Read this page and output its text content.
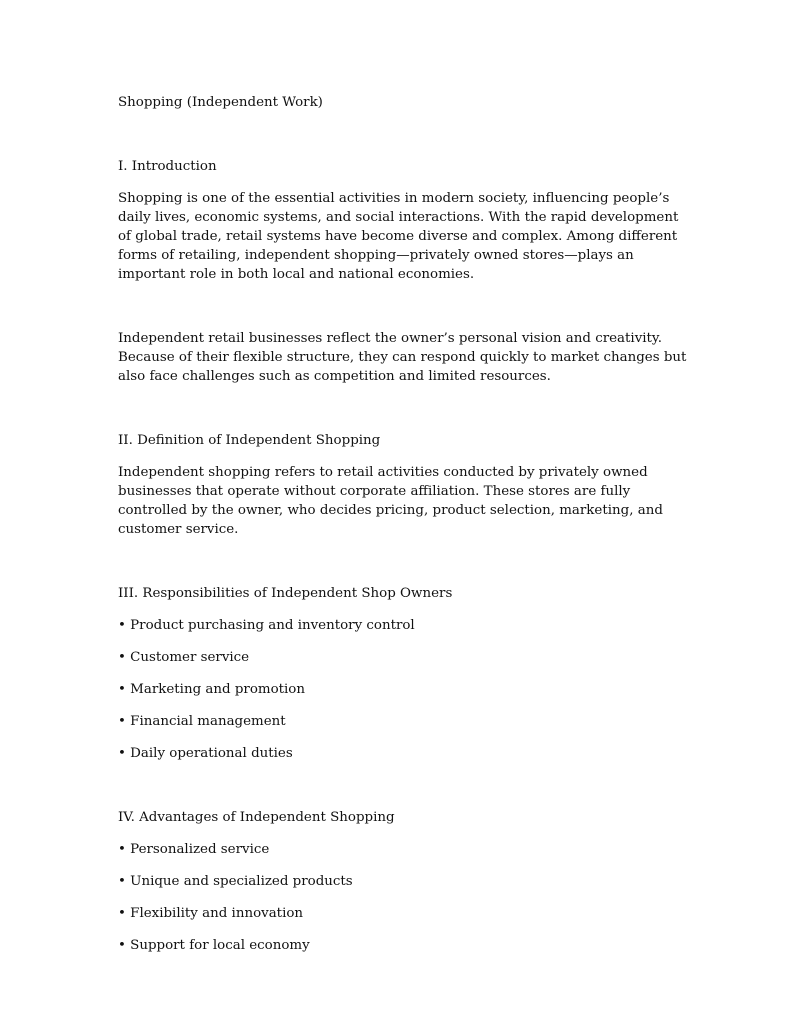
Shopping (Independent Work)

I. Introduction

Shopping is one of the essential activities in modern society, influencing people’s daily lives, economic systems, and social interactions. With the rapid development of global trade, retail systems have become diverse and complex. Among different forms of retailing, independent shopping—privately owned stores—plays an important role in both local and national economies.

Independent retail businesses reflect the owner’s personal vision and creativity. Because of their flexible structure, they can respond quickly to market changes but also face challenges such as competition and limited resources.

II. Definition of Independent Shopping

Independent shopping refers to retail activities conducted by privately owned businesses that operate without corporate affiliation. These stores are fully controlled by the owner, who decides pricing, product selection, marketing, and customer service.

III. Responsibilities of Independent Shop Owners

• Product purchasing and inventory control

• Customer service

• Marketing and promotion

• Financial management

• Daily operational duties

IV. Advantages of Independent Shopping

• Personalized service

• Unique and specialized products

• Flexibility and innovation

• Support for local economy
